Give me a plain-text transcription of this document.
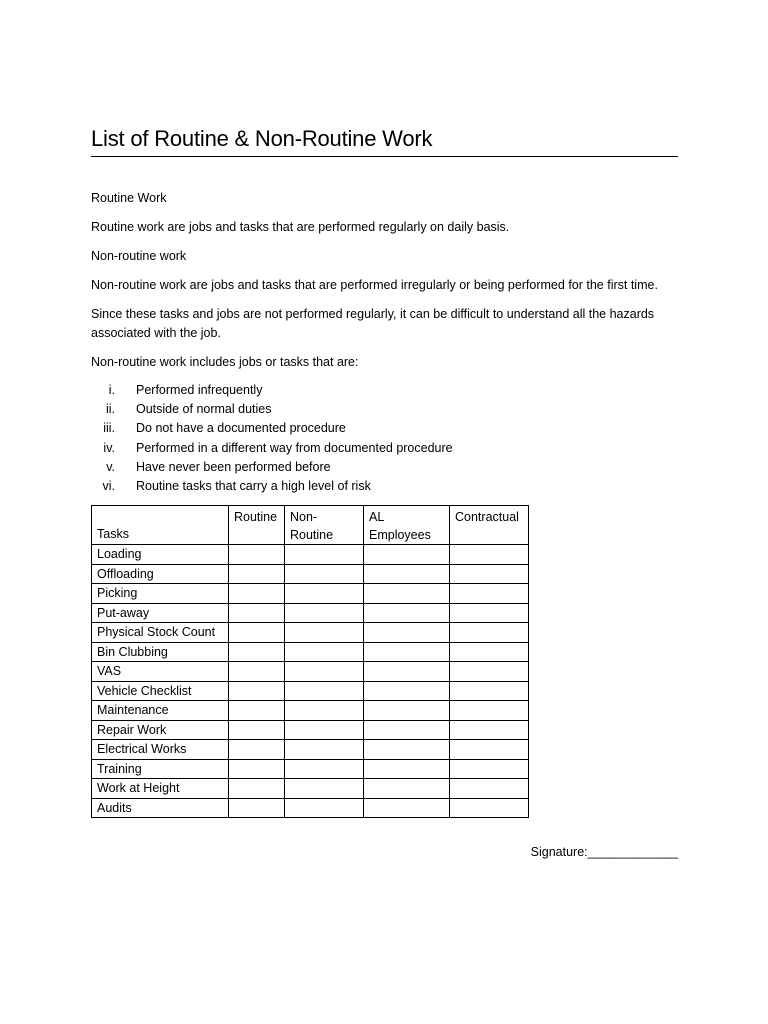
List of Routine & Non-Routine Work

Routine Work

Routine work are jobs and tasks that are performed regularly on daily basis.

Non-routine work

Non-routine work are jobs and tasks that are performed irregularly or being performed for the first time.

Since these tasks and jobs are not performed regularly, it can be difficult to understand all the hazards associated with the job.

Non-routine work includes jobs or tasks that are:

i.	Performed infrequently
ii.	Outside of normal duties
iii.	Do not have a documented procedure
iv.	Performed in a different way from documented procedure
v.	Have never been performed before
vi.	Routine tasks that carry a high level of risk
Tasks	Routine	Non-Routine	AL Employees	Contractual
Loading				
Offloading				
Picking				
Put-away				
Physical Stock Count				
Bin Clubbing				
VAS				
Vehicle Checklist				
Maintenance				
Repair Work				
Electrical Works				
Training				
Work at Height				
Audits				
Signature:_____________
